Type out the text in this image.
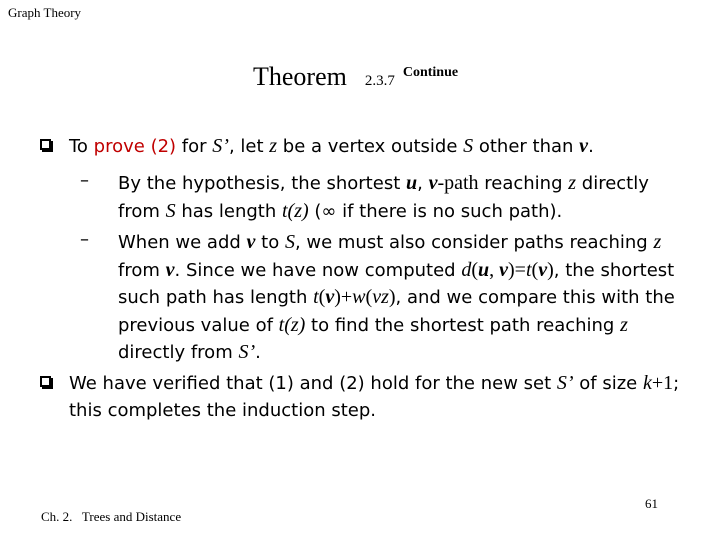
Graph Theory
Theorem 2.3.7 Continue
To prove (2) for S’, let z be a vertex outside S other than v.
– By the hypothesis, the shortest u, v-path reaching z directly from S has length t(z) (∞ if there is no such path).
– When we add v to S, we must also consider paths reaching z from v. Since we have now computed d(u, v)=t(v), the shortest such path has length t(v)+w(vz), and we compare this with the previous value of t(z) to find the shortest path reaching z directly from S’.
We have verified that (1) and (2) hold for the new set S’ of size k+1; this completes the induction step.
Ch. 2.   Trees and Distance
61
